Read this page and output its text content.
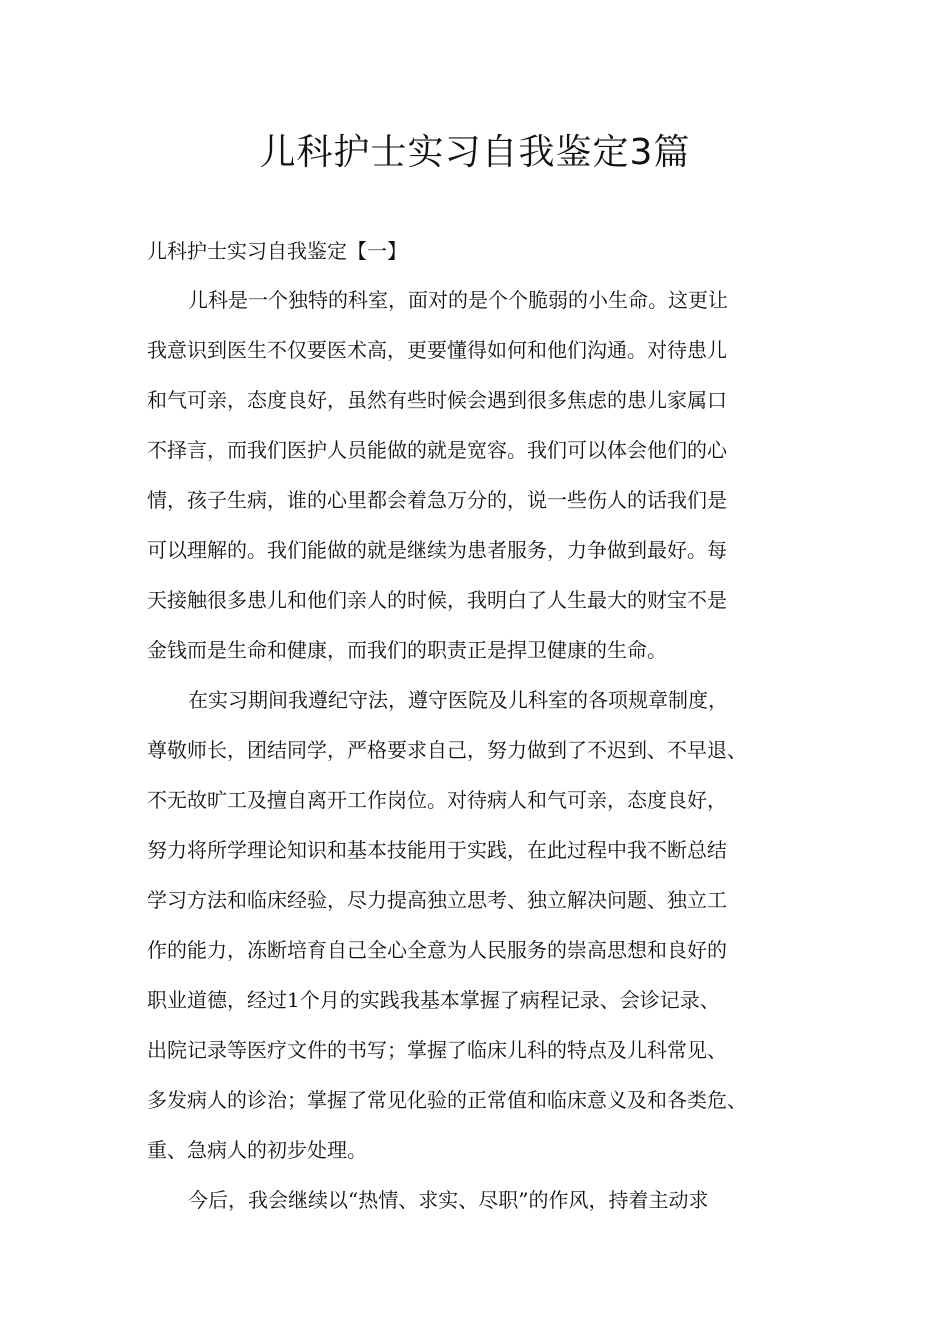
儿科护士实习自我鉴定3篇
儿科护士实习自我鉴定【一】
儿科是一个独特的科室，面对的是个个脆弱的小生命。这更让
我意识到医生不仅要医术高，更要懂得如何和他们沟通。对待患儿
和气可亲，态度良好，虽然有些时候会遇到很多焦虑的患儿家属口
不择言，而我们医护人员能做的就是宽容。我们可以体会他们的心
情，孩子生病，谁的心里都会着急万分的，说一些伤人的话我们是
可以理解的。我们能做的就是继续为患者服务，力争做到最好。每
天接触很多患儿和他们亲人的时候，我明白了人生最大的财宝不是
金钱而是生命和健康，而我们的职责正是捍卫健康的生命。
在实习期间我遵纪守法，遵守医院及儿科室的各项规章制度，
尊敬师长，团结同学，严格要求自己，努力做到了不迟到、不早退、
不无故旷工及擅自离开工作岗位。对待病人和气可亲，态度良好，
努力将所学理论知识和基本技能用于实践，在此过程中我不断总结
学习方法和临床经验，尽力提高独立思考、独立解决问题、独立工
作的能力，冻断培育自己全心全意为人民服务的崇高思想和良好的
职业道德，经过1个月的实践我基本掌握了病程记录、会诊记录、
出院记录等医疗文件的书写；掌握了临床儿科的特点及儿科常见、
多发病人的诊治；掌握了常见化验的正常值和临床意义及和各类危、
重、急病人的初步处理。
今后，我会继续以“热情、求实、尽职”的作风，持着主动求
